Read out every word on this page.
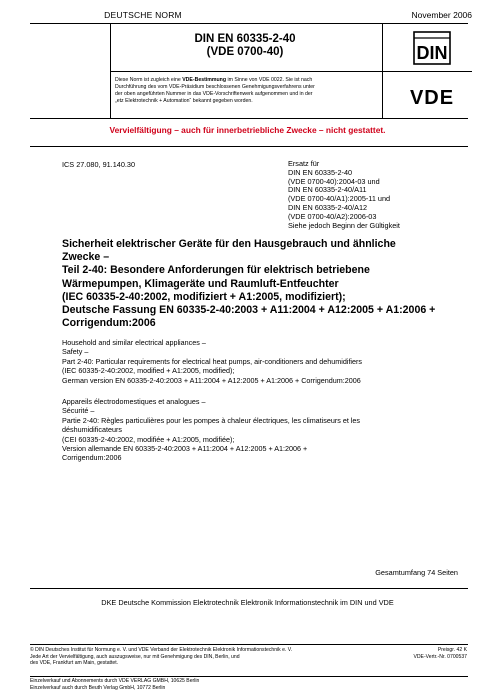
DEUTSCHE NORM	November 2006
DIN EN 60335-2-40
(VDE 0700-40)
Diese Norm ist zugleich eine VDE-Bestimmung im Sinne von VDE 0022. Sie ist nach
Durchführung des vom VDE-Präsidium beschlossenen Genehmigungsverfahrens unter
der oben angeführten Nummer in das VDE-Vorschriftenwerk aufgenommen und in der
„etz Elektrotechnik + Automation“ bekannt gegeben worden.
DIN
VDE
Vervielfältigung – auch für innerbetriebliche Zwecke – nicht gestattet.
ICS 27.080, 91.140.30	Ersatz für
DIN EN 60335-2-40
(VDE 0700-40):2004-03 und
DIN EN 60335-2-40/A11
(VDE 0700-40/A1):2005-11 und
DIN EN 60335-2-40/A12
(VDE 0700-40/A2):2006-03
Siehe jedoch Beginn der Gültigkeit
Sicherheit elektrischer Geräte für den Hausgebrauch und ähnliche
Zwecke –
Teil 2-40: Besondere Anforderungen für elektrisch betriebene
Wärmepumpen, Klimageräte und Raumluft-Entfeuchter
(IEC 60335-2-40:2002, modifiziert + A1:2005, modifiziert);
Deutsche Fassung EN 60335-2-40:2003 + A11:2004 + A12:2005 + A1:2006 +
Corrigendum:2006
Household and similar electrical appliances –
Safety –
Part 2-40: Particular requirements for electrical heat pumps, air-conditioners and dehumidifiers
(IEC 60335-2-40:2002, modified + A1:2005, modified);
German version EN 60335-2-40:2003 + A11:2004 + A12:2005 + A1:2006 + Corrigendum:2006
Appareils électrodomestiques et analogues –
Sécurité –
Partie 2-40: Règles particulières pour les pompes à chaleur électriques, les climatiseurs et les
déshumidificateurs
(CEI 60335-2-40:2002, modifiée + A1:2005, modifiée);
Version allemande EN 60335-2-40:2003 + A11:2004 + A12:2005 + A1:2006 +
Corrigendum:2006
Gesamtumfang 74 Seiten
DKE Deutsche Kommission Elektrotechnik Elektronik Informationstechnik im DIN und VDE
© DIN Deutsches Institut für Normung e. V. und VDE Verband der Elektrotechnik Elektronik Informationstechnik e. V.
Jede Art der Vervielfältigung, auch auszugsweise, nur mit Genehmigung des DIN, Berlin, und
des VDE, Frankfurt am Main, gestattet.
Preisgr. 42 K
VDE-Vertr.-Nr. 0700537
Einzelverkauf und Abonnements durch VDE VERLAG GMBH, 10625 Berlin
Einzelverkauf auch durch Beuth Verlag GmbH, 10772 Berlin
